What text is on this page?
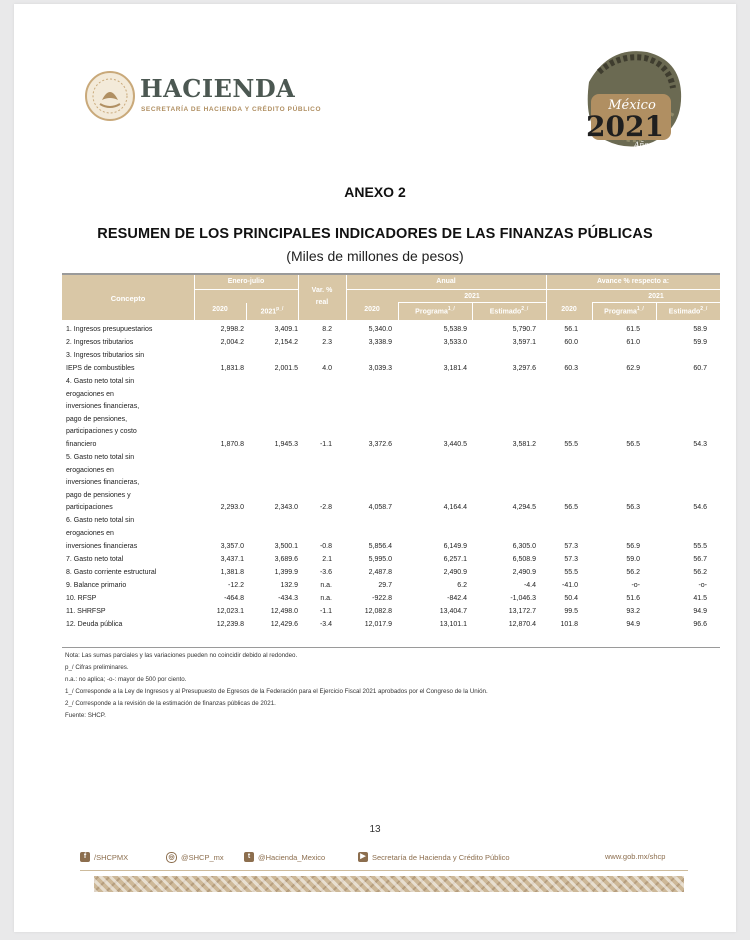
HACIENDA
SECRETARÍA DE HACIENDA Y CRÉDITO PÚBLICO	México
2021
Año de la
Independencia
ANEXO 2
RESUMEN DE LOS PRINCIPALES INDICADORES DE LAS FINANZAS PÚBLICAS
(Miles de millones de pesos)
Concepto
Enero-julio
2020	$2021^{p\_/}$
Var. %
real
Anual
2021
2020	Programa$^{1\_/}$	Estimado$^{2\_/}$
Avance % respecto a:
2021
2020	Programa$^{1\_/}$	Estimado$^{2\_/}$
1. Ingresos presupuestarios	2,998.2	3,409.1	8.2	5,340.0	5,538.9	5,790.7	56.1	61.5	58.9
2. Ingresos tributarios	2,004.2	2,154.2	2.3	3,338.9	3,533.0	3,597.1	60.0	61.0	59.9
3. Ingresos tributarios sin
IEPS de combustibles	1,831.8	2,001.5	4.0	3,039.3	3,181.4	3,297.6	60.3	62.9	60.7
4. Gasto neto total sin
erogaciones en
inversiones financieras,
pago de pensiones,
participaciones y costo
financiero	1,870.8	1,945.3	-1.1	3,372.6	3,440.5	3,581.2	55.5	56.5	54.3
5. Gasto neto total sin
erogaciones en
inversiones financieras,
pago de pensiones y
participaciones	2,293.0	2,343.0	-2.8	4,058.7	4,164.4	4,294.5	56.5	56.3	54.6
6. Gasto neto total sin
erogaciones en
inversiones financieras	3,357.0	3,500.1	-0.8	5,856.4	6,149.9	6,305.0	57.3	56.9	55.5
7. Gasto neto total	3,437.1	3,689.6	2.1	5,995.0	6,257.1	6,508.9	57.3	59.0	56.7
8. Gasto corriente estructural	1,381.8	1,399.9	-3.6	2,487.8	2,490.9	2,490.9	55.5	56.2	56.2
9. Balance primario	-12.2	132.9	n.a.	29.7	6.2	-4.4	-41.0	-o-	-o-
10. RFSP	-464.8	-434.3	n.a.	-922.8	-842.4	-1,046.3	50.4	51.6	41.5
11. SHRFSP	12,023.1	12,498.0	-1.1	12,082.8	13,404.7	13,172.7	99.5	93.2	94.9
12. Deuda pública	12,239.8	12,429.6	-3.4	12,017.9	13,101.1	12,870.4	101.8	94.9	96.6
Nota: Las sumas parciales y las variaciones pueden no coincidir debido al redondeo.
p_/ Cifras preliminares.
n.a.: no aplica; -o-: mayor de 500 por ciento.
1_/ Corresponde a la Ley de Ingresos y al Presupuesto de Egresos de la Federación para el Ejercicio Fiscal 2021 aprobados por el Congreso de la Unión.
2_/ Corresponde a la revisión de la estimación de finanzas públicas de 2021.
Fuente: SHCP.
13
f	/SHCPMX	◎ @SHCP_mx	t	@Hacienda_Mexico	▶ Secretaría de Hacienda y Crédito Público	www.gob.mx/shcp
